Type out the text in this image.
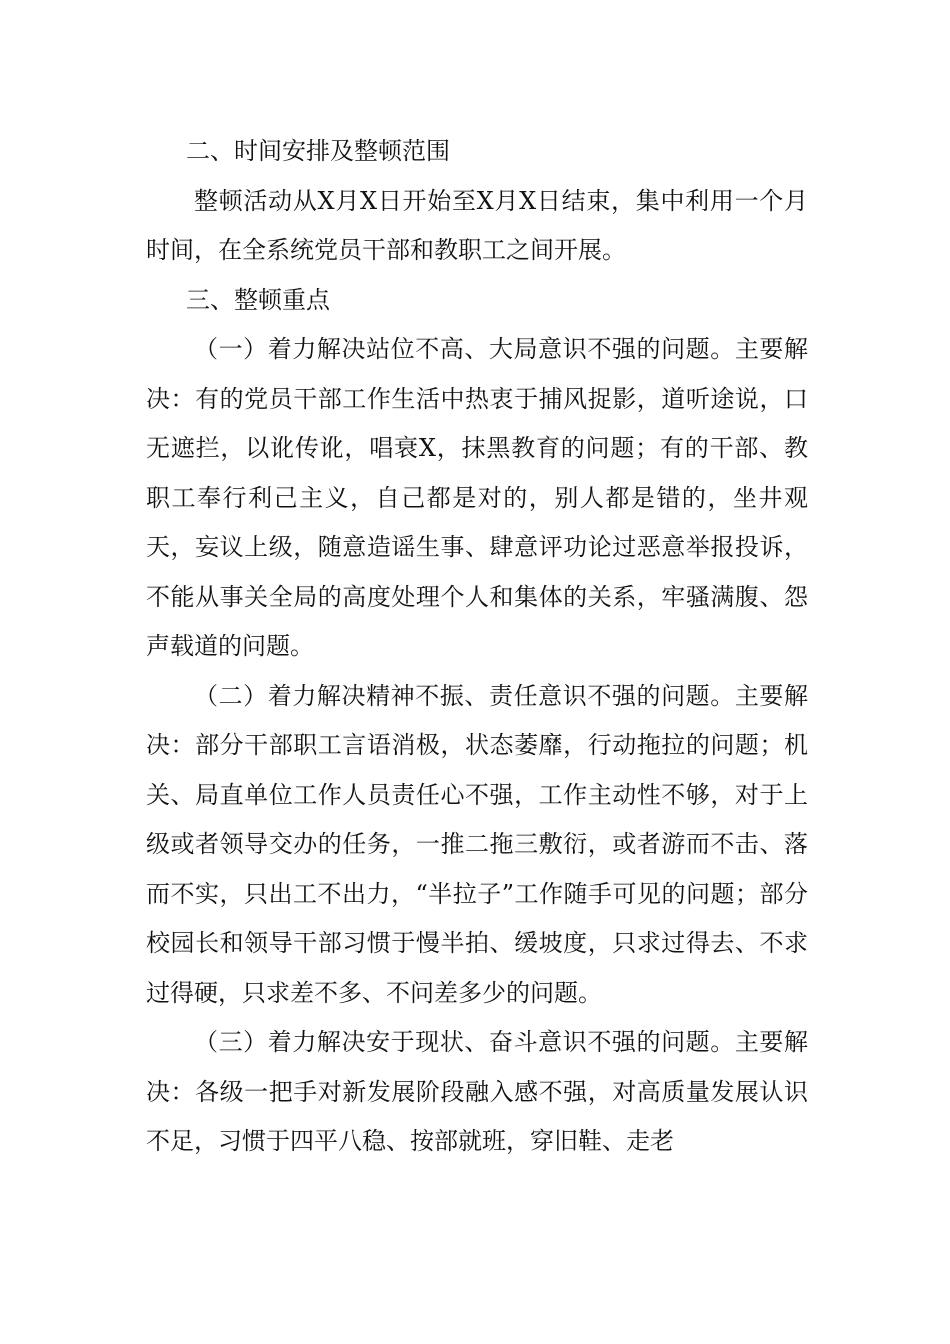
二、时间安排及整顿范围

整顿活动从X月X日开始至X月X日结束，集中利用一个月时间，在全系统党员干部和教职工之间开展。

三、整顿重点

（一）着力解决站位不高、大局意识不强的问题。主要解决：有的党员干部工作生活中热衷于捕风捉影，道听途说，口无遮拦，以讹传讹，唱衰X，抹黑教育的问题；有的干部、教职工奉行利己主义，自己都是对的，别人都是错的，坐井观天，妄议上级，随意造谣生事、肆意评功论过恶意举报投诉，不能从事关全局的高度处理个人和集体的关系，牢骚满腹、怨声载道的问题。

（二）着力解决精神不振、责任意识不强的问题。主要解决：部分干部职工言语消极，状态萎靡，行动拖拉的问题；机关、局直单位工作人员责任心不强，工作主动性不够，对于上级或者领导交办的任务，一推二拖三敷衍，或者游而不击、落而不实，只出工不出力，“半拉子”工作随手可见的问题；部分校园长和领导干部习惯于慢半拍、缓坡度，只求过得去、不求过得硬，只求差不多、不问差多少的问题。

（三）着力解决安于现状、奋斗意识不强的问题。主要解决：各级一把手对新发展阶段融入感不强，对高质量发展认识不足，习惯于四平八稳、按部就班，穿旧鞋、走老
